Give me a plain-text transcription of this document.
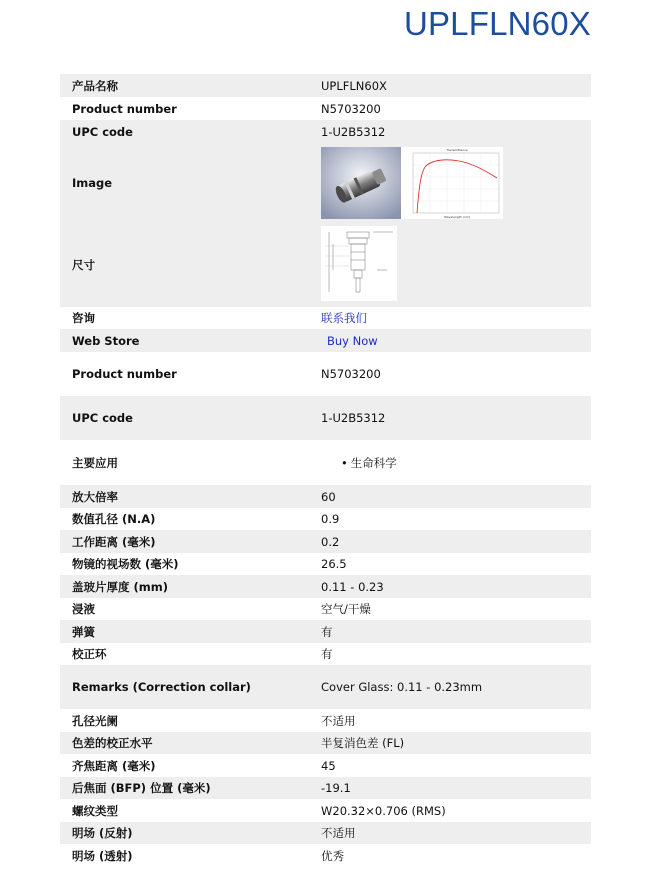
UPLFLN60X
产品名称	UPLFLN60X
Product number	N5703200
UPC code	1-U2B5312
Image
Transmittance
Wavelength (nm)
尺寸
咨询	联系我们
Web Store	Buy Now
Product number	N5703200
UPC code	1-U2B5312
主要应用
•	生命科学
放大倍率	60
数值孔径 (N.A)	0.9
工作距离 (毫米)	0.2
物镜的视场数 (毫米)	26.5
盖玻片厚度 (mm)	0.11 - 0.23
浸液	空气/干燥
弹簧	有
校正环	有
Remarks (Correction collar)	Cover Glass: 0.11 - 0.23mm
孔径光阑	不适用
色差的校正水平	半复消色差 (FL)
齐焦距离 (毫米)	45
后焦面 (BFP) 位置 (毫米)	-19.1
螺纹类型	W20.32×0.706 (RMS)
明场 (反射)	不适用
明场 (透射)	优秀
